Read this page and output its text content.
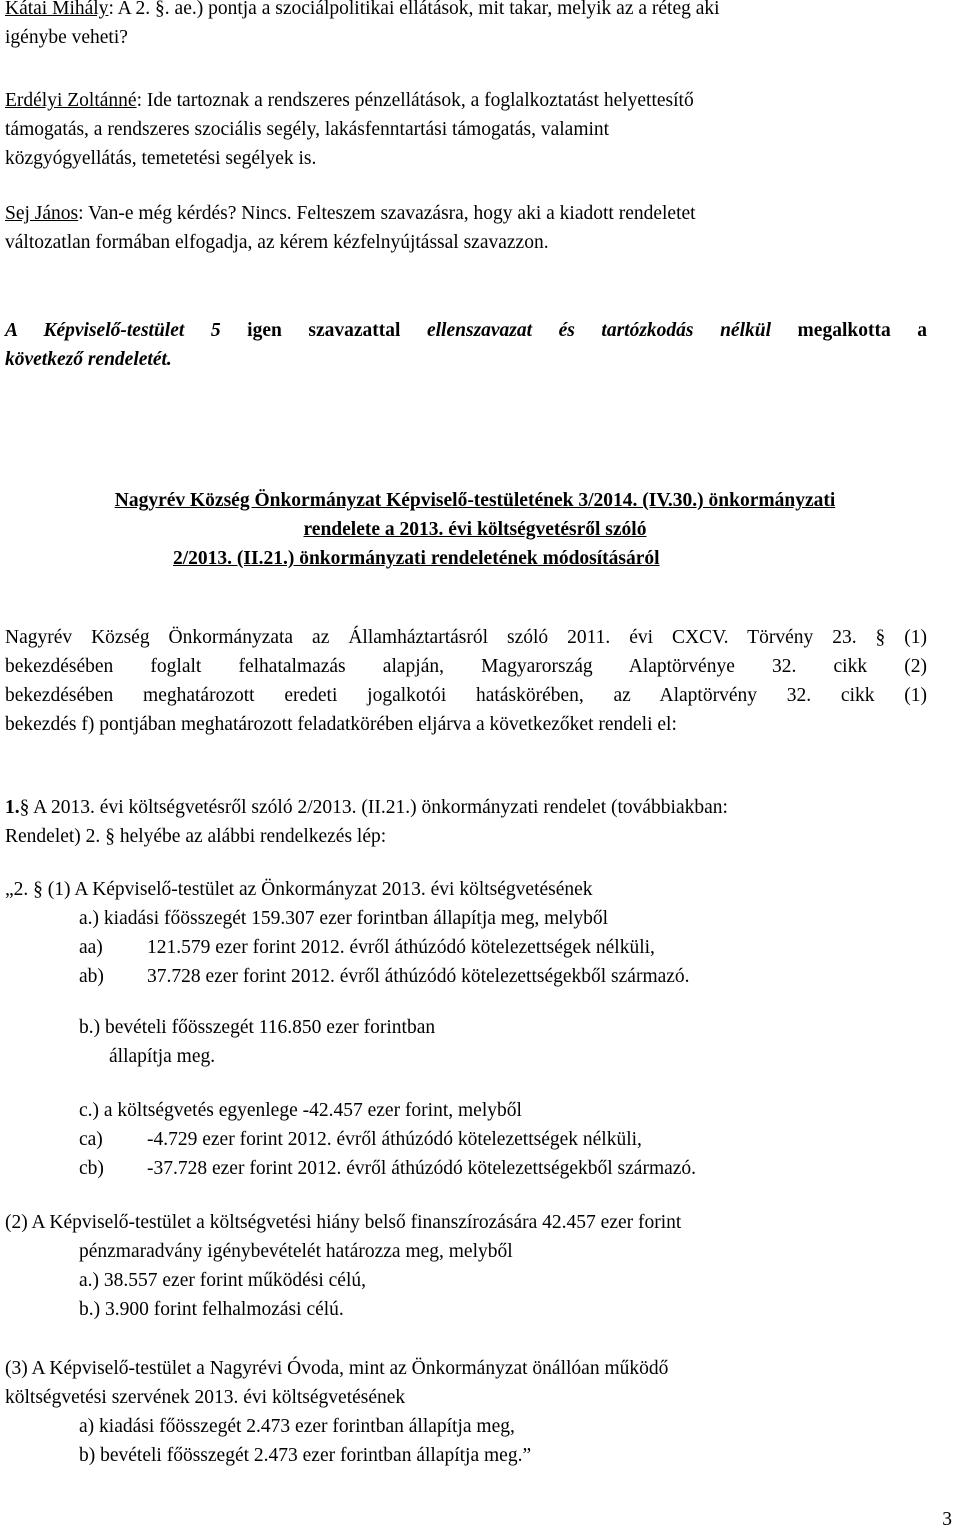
Kátai Mihály: A 2. §. ae.) pontja a szociálpolitikai ellátások, mit takar, melyik az a réteg aki
igénybe veheti?
Erdélyi Zoltánné: Ide tartoznak a rendszeres pénzellátások, a foglalkoztatást helyettesítő
támogatás, a rendszeres szociális segély, lakásfenntartási támogatás, valamint
közgyógyellátás, temetetési segélyek is.
Sej János: Van-e még kérdés? Nincs. Felteszem szavazásra, hogy aki a kiadott rendeletet
változatlan formában elfogadja, az kérem kézfelnyújtással szavazzon.
A Képviselő-testület 5 igen szavazattal ellenszavazat és tartózkodás nélkül megalkotta a
következő rendeletét.
Nagyrév Község Önkormányzat Képviselő-testületének 3/2014. (IV.30.) önkormányzati
rendelete a 2013. évi költségvetésről szóló
2/2013. (II.21.) önkormányzati rendeletének módosításáról
Nagyrév Község Önkormányzata az Államháztartásról szóló 2011. évi CXCV. Törvény 23. § (1)
bekezdésében foglalt felhatalmazás alapján, Magyarország Alaptörvénye 32. cikk (2)
bekezdésében meghatározott eredeti jogalkotói hatáskörében, az Alaptörvény 32. cikk (1)
bekezdés f) pontjában meghatározott feladatkörében eljárva a következőket rendeli el:
1.§ A 2013. évi költségvetésről szóló 2/2013. (II.21.) önkormányzati rendelet (továbbiakban:
Rendelet) 2. § helyébe az alábbi rendelkezés lép:
„2. § (1) A Képviselő-testület az Önkormányzat 2013. évi költségvetésének
a.) kiadási főösszegét 159.307 ezer forintban állapítja meg, melyből
aa) 121.579 ezer forint 2012. évről áthúzódó kötelezettségek nélküli,
ab) 37.728 ezer forint 2012. évről áthúzódó kötelezettségekből származó.
b.) bevételi főösszegét 116.850 ezer forintban
állapítja meg.
c.) a költségvetés egyenlege -42.457 ezer forint, melyből
ca) -4.729 ezer forint 2012. évről áthúzódó kötelezettségek nélküli,
cb) -37.728 ezer forint 2012. évről áthúzódó kötelezettségekből származó.
(2) A Képviselő-testület a költségvetési hiány belső finanszírozására 42.457 ezer forint
pénzmaradvány igénybevételét határozza meg, melyből
a.) 38.557 ezer forint működési célú,
b.) 3.900 forint felhalmozási célú.
(3) A Képviselő-testület a Nagyrévi Óvoda, mint az Önkormányzat önállóan működő
költségvetési szervének 2013. évi költségvetésének
a) kiadási főösszegét 2.473 ezer forintban állapítja meg,
b) bevételi főösszegét 2.473 ezer forintban állapítja meg.”
3
